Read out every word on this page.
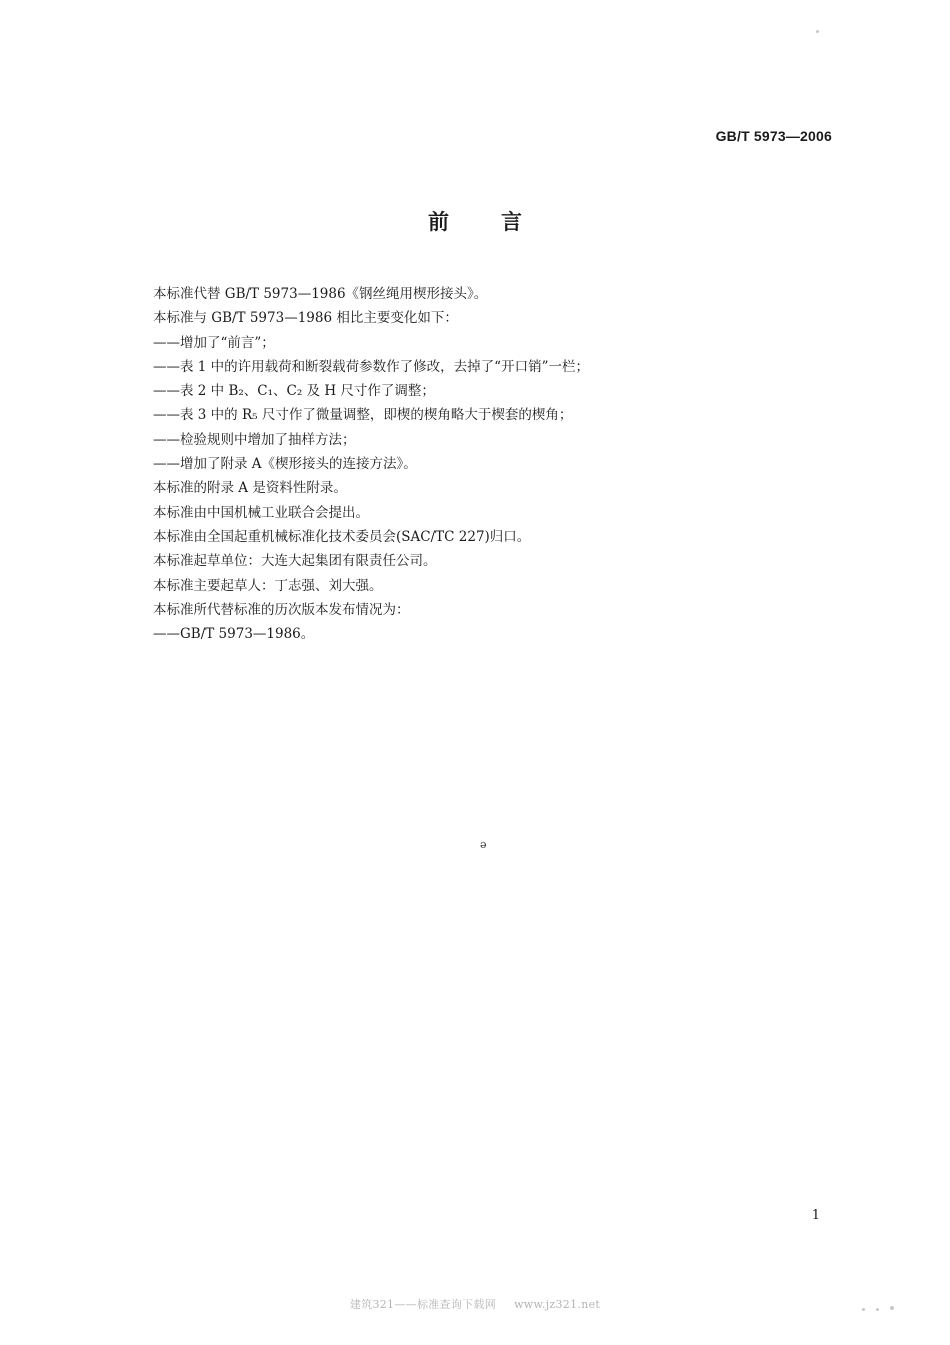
GB/T 5973—2006
前 言
本标准代替 GB/T 5973—1986《钢丝绳用楔形接头》。
本标准与 GB/T 5973—1986 相比主要变化如下：
——增加了“前言”；
——表 1 中的许用载荷和断裂载荷参数作了修改，去掉了“开口销”一栏；
——表 2 中 B₂、C₁、C₂ 及 H 尺寸作了调整；
——表 3 中的 R₅ 尺寸作了微量调整，即楔的楔角略大于楔套的楔角；
——检验规则中增加了抽样方法；
——增加了附录 A《楔形接头的连接方法》。
本标准的附录 A 是资料性附录。
本标准由中国机械工业联合会提出。
本标准由全国起重机械标准化技术委员会(SAC/TC 227)归口。
本标准起草单位：大连大起集团有限责任公司。
本标准主要起草人：丁志强、刘大强。
本标准所代替标准的历次版本发布情况为：
——GB/T 5973—1986。
ǝ
1
建筑321——标准查询下载网 www.jz321.net
